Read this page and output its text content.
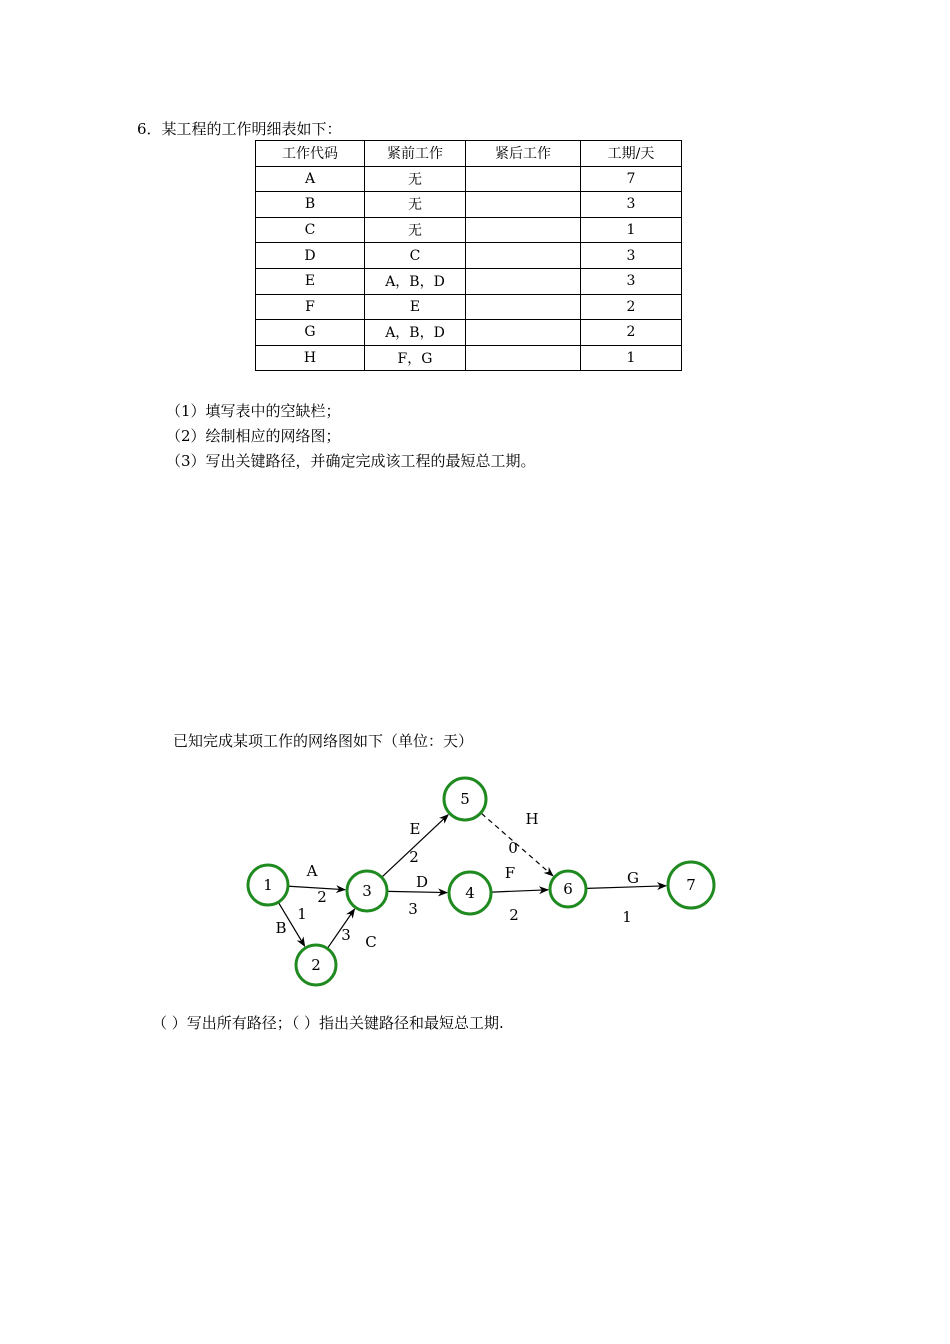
6．某工程的工作明细表如下：
工作代码	紧前工作	紧后工作	工期/天
A	无		7
B	无		3
C	无		1
D	C		3
E	A，B，D		3
F	E		2
G	A，B，D		2
H	F，G		1
（1）填写表中的空缺栏；
（2）绘制相应的网络图；
（3）写出关键路径，并确定完成该工程的最短总工期。
已知完成某项工作的网络图如下（单位：天）
A
2
B
1
C
3
E
2
D
3
F
2
H
0
G
1
1
2
3	4
5
6	7
（ ）写出所有路径；（ ）指出关键路径和最短总工期.
